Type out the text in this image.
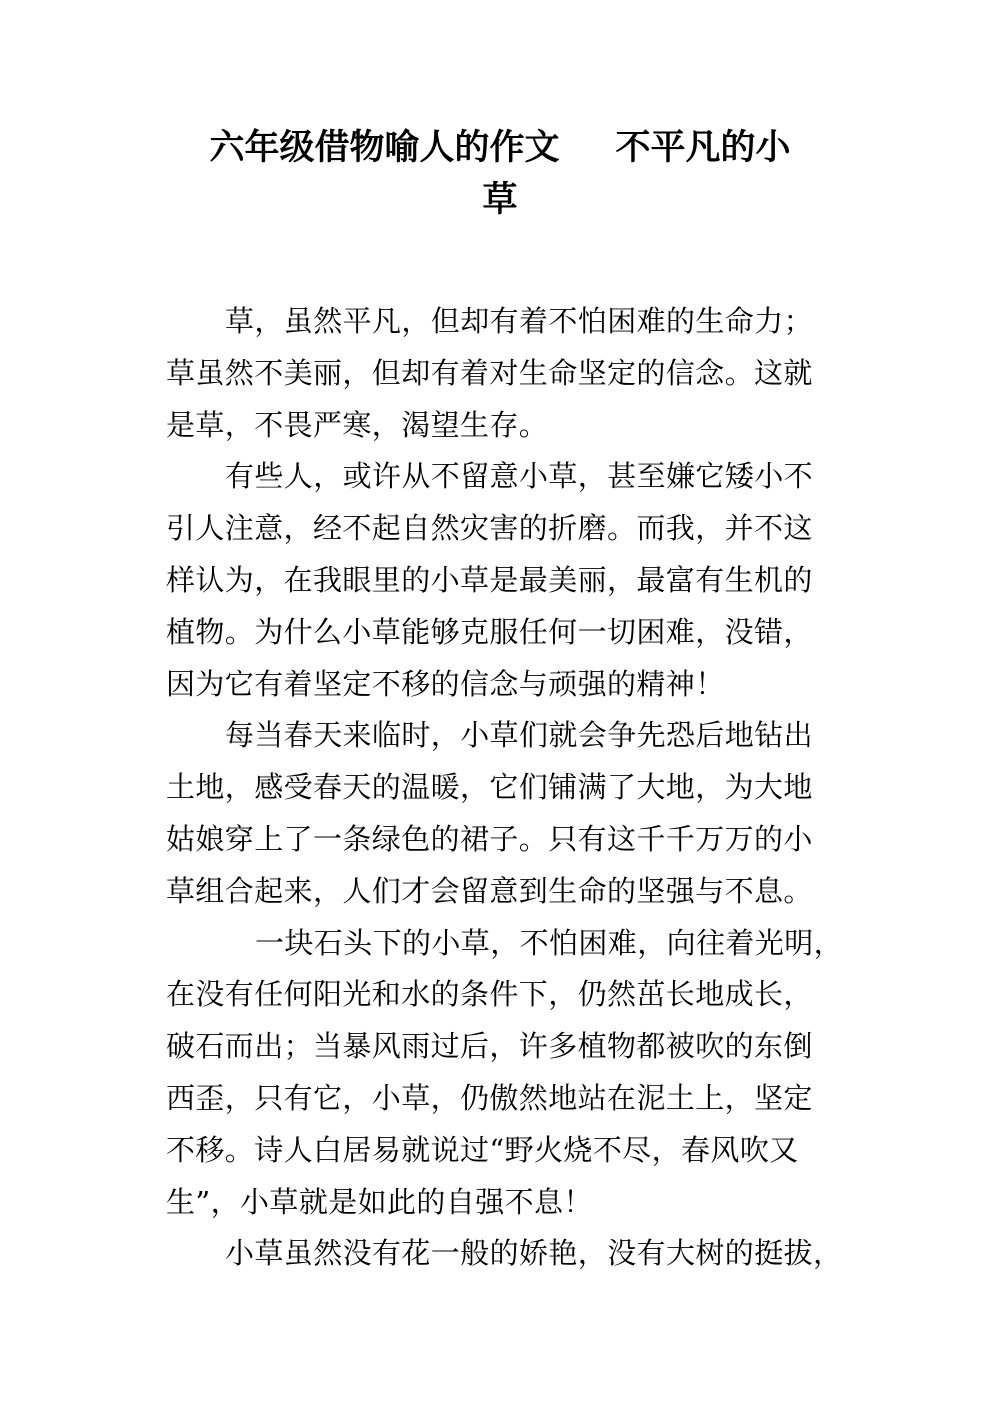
六年级借物喻人的作文 不平凡的小
草
草，虽然平凡，但却有着不怕困难的生命力；
草虽然不美丽，但却有着对生命坚定的信念。这就
是草，不畏严寒，渴望生存。
有些人，或许从不留意小草，甚至嫌它矮小不
引人注意，经不起自然灾害的折磨。而我，并不这
样认为，在我眼里的小草是最美丽，最富有生机的
植物。为什么小草能够克服任何一切困难，没错，
因为它有着坚定不移的信念与顽强的精神！
每当春天来临时，小草们就会争先恐后地钻出
土地，感受春天的温暖，它们铺满了大地，为大地
姑娘穿上了一条绿色的裙子。只有这千千万万的小
草组合起来，人们才会留意到生命的坚强与不息。
一块石头下的小草，不怕困难，向往着光明，
在没有任何阳光和水的条件下，仍然茁长地成长，
破石而出；当暴风雨过后，许多植物都被吹的东倒
西歪，只有它，小草，仍傲然地站在泥土上，坚定
不移。诗人白居易就说过“野火烧不尽，春风吹又
生”，小草就是如此的自强不息！
小草虽然没有花一般的娇艳，没有大树的挺拔，
